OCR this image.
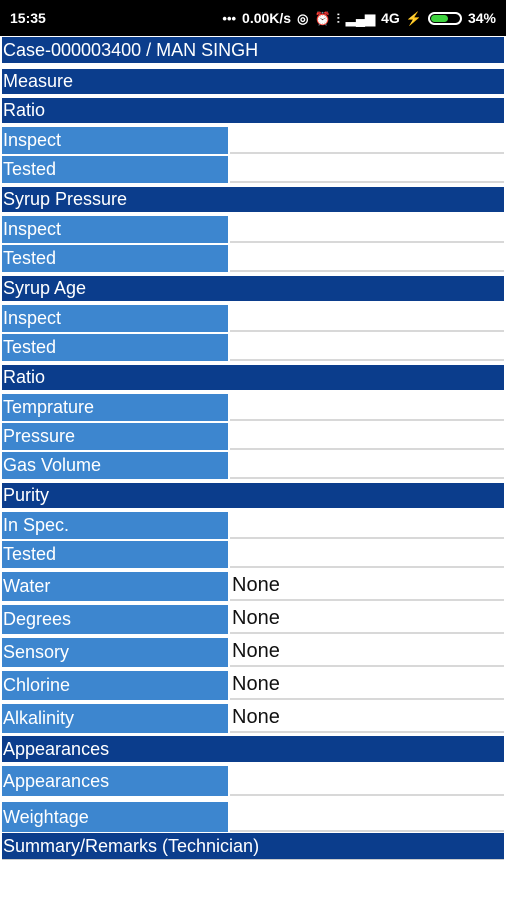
15:35	••• 0.00K/s ◎ ⏰ ⫶ ▂▄▆ 4G ⚡	34%
Case-000003400 / MAN SINGH
Measure
Ratio
Inspect
Tested
Syrup Pressure
Inspect
Tested
Syrup Age
Inspect
Tested
Ratio
Temprature
Pressure
Gas Volume
Purity
In Spec.
Tested
Water	None
Degrees	None
Sensory	None
Chlorine	None
Alkalinity	None
Appearances
Appearances
Weightage
Summary/Remarks (Technician)
